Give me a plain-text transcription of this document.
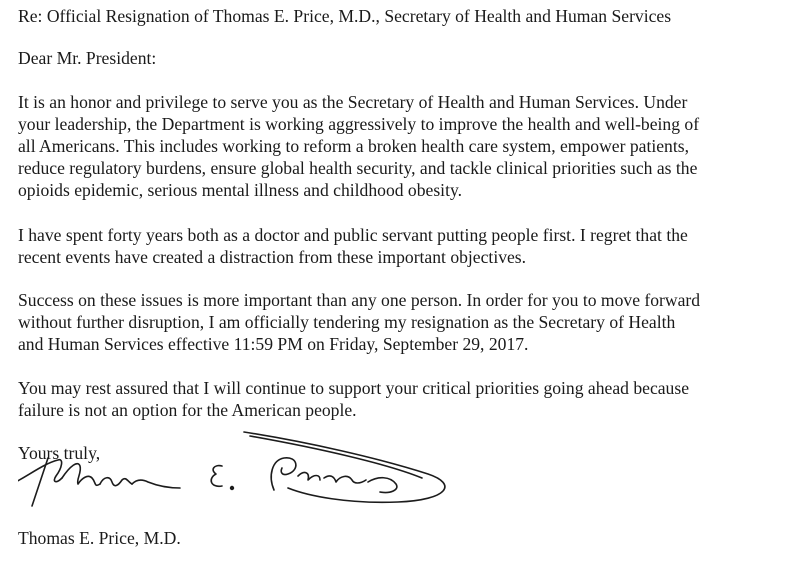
Re: Official Resignation of Thomas E. Price, M.D., Secretary of Health and Human Services
Dear Mr. President:
It is an honor and privilege to serve you as the Secretary of Health and Human Services. Under
your leadership, the Department is working aggressively to improve the health and well-being of
all Americans. This includes working to reform a broken health care system, empower patients,
reduce regulatory burdens, ensure global health security, and tackle clinical priorities such as the
opioids epidemic, serious mental illness and childhood obesity.
I have spent forty years both as a doctor and public servant putting people first. I regret that the
recent events have created a distraction from these important objectives.
Success on these issues is more important than any one person. In order for you to move forward
without further disruption, I am officially tendering my resignation as the Secretary of Health
and Human Services effective 11:59 PM on Friday, September 29, 2017.
You may rest assured that I will continue to support your critical priorities going ahead because
failure is not an option for the American people.
Yours truly,
Thomas E. Price, M.D.
